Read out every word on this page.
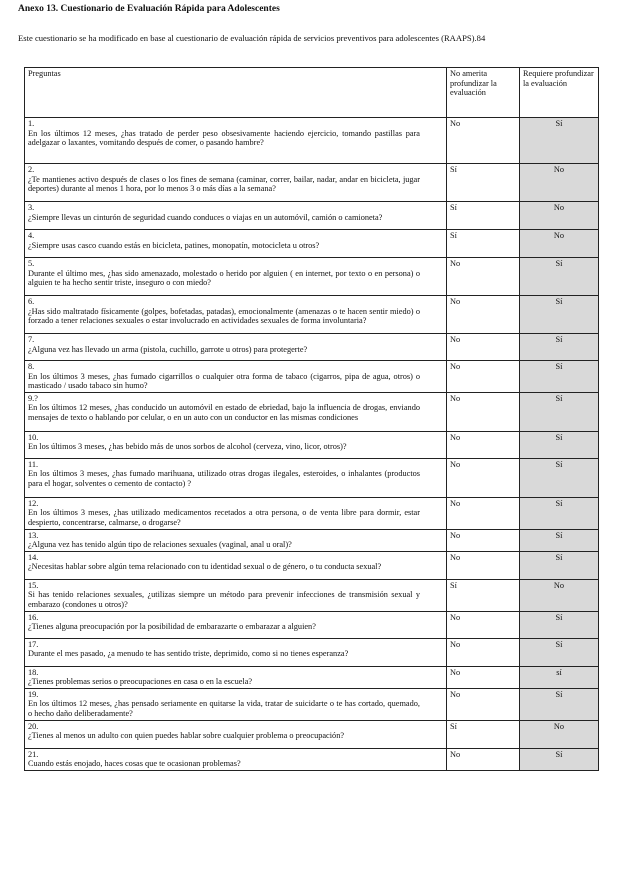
Anexo 13. Cuestionario de Evaluación Rápida para Adolescentes
Este cuestionario se ha modificado en base al cuestionario de evaluación rápida de servicios preventivos para adolescentes (RAAPS).84
Preguntas	No amerita profundizar la evaluación	Requiere profundizar la evaluación
1.En los últimos 12 meses, ¿has tratado de perder peso obsesivamente haciendo ejercicio, tomando pastillas para adelgazar o laxantes, vomitando después de comer, o pasando hambre?	No	Sí
2.¿Te mantienes activo después de clases o los fines de semana (caminar, correr, bailar, nadar, andar en bicicleta, jugar deportes) durante al menos 1 hora, por lo menos 3 o más días a la semana?	Sí	No
3.¿Siempre llevas un cinturón de seguridad cuando conduces o viajas en un automóvil, camión o camioneta?	Sí	No
4.¿Siempre usas casco cuando estás en bicicleta, patines, monopatín, motocicleta u otros?	Sí	No
5.Durante el último mes, ¿has sido amenazado, molestado o herido por alguien ( en internet, por texto o en persona) o alguien te ha hecho sentir triste, inseguro o con miedo?	No	Sí
6.¿Has sido maltratado físicamente (golpes, bofetadas, patadas), emocionalmente (amenazas o te hacen sentir miedo) o forzado a tener relaciones sexuales o estar involucrado en actividades sexuales de forma involuntaria?	No	Sí
7.¿Alguna vez has llevado un arma (pistola, cuchillo, garrote u otros) para protegerte?	No	Sí
8.En los últimos 3 meses, ¿has fumado cigarrillos o cualquier otra forma de tabaco (cigarros, pipa de agua, otros) o masticado / usado tabaco sin humo?	No	Sí
9.?En los últimos 12 meses, ¿has conducido un automóvil en estado de ebriedad, bajo la influencia de drogas, enviando mensajes de texto o hablando por celular, o en un auto con un conductor en las mismas condiciones	No	Sí
10.En los últimos 3 meses, ¿has bebido más de unos sorbos de alcohol (cerveza, vino, licor, otros)?	No	Sí
11.En los últimos 3 meses, ¿has fumado marihuana, utilizado otras drogas ilegales, esteroides, o inhalantes (productos para el hogar, solventes o cemento de contacto) ?	No	Sí
12.En los últimos 3 meses, ¿has utilizado medicamentos recetados a otra persona, o de venta libre para dormir, estar despierto, concentrarse, calmarse, o drogarse?	No	Sí
13.¿Alguna vez has tenido algún tipo de relaciones sexuales (vaginal, anal u oral)?	No	Sí
14.¿Necesitas hablar sobre algún tema relacionado con tu identidad sexual o de género, o tu conducta sexual?	No	Sí
15.Si has tenido relaciones sexuales, ¿utilizas siempre un método para prevenir infecciones de transmisión sexual y embarazo (condones u otros)?	Sí	No
16.¿Tienes alguna preocupación por la posibilidad de embarazarte o embarazar a alguien?	No	Sí
17.Durante el mes pasado, ¿a menudo te has sentido triste, deprimido, como si no tienes esperanza?	No	Sí
18.¿Tienes problemas serios o preocupaciones en casa o en la escuela?	No	sí
19.En los últimos 12 meses, ¿has pensado seriamente en quitarse la vida, tratar de suicidarte o te has cortado, quemado, o hecho daño deliberadamente?	No	Sí
20.¿Tienes al menos un adulto con quien puedes hablar sobre cualquier problema o preocupación?	Sí	No
21.Cuando estás enojado, haces cosas que te ocasionan problemas?	No	Sí
